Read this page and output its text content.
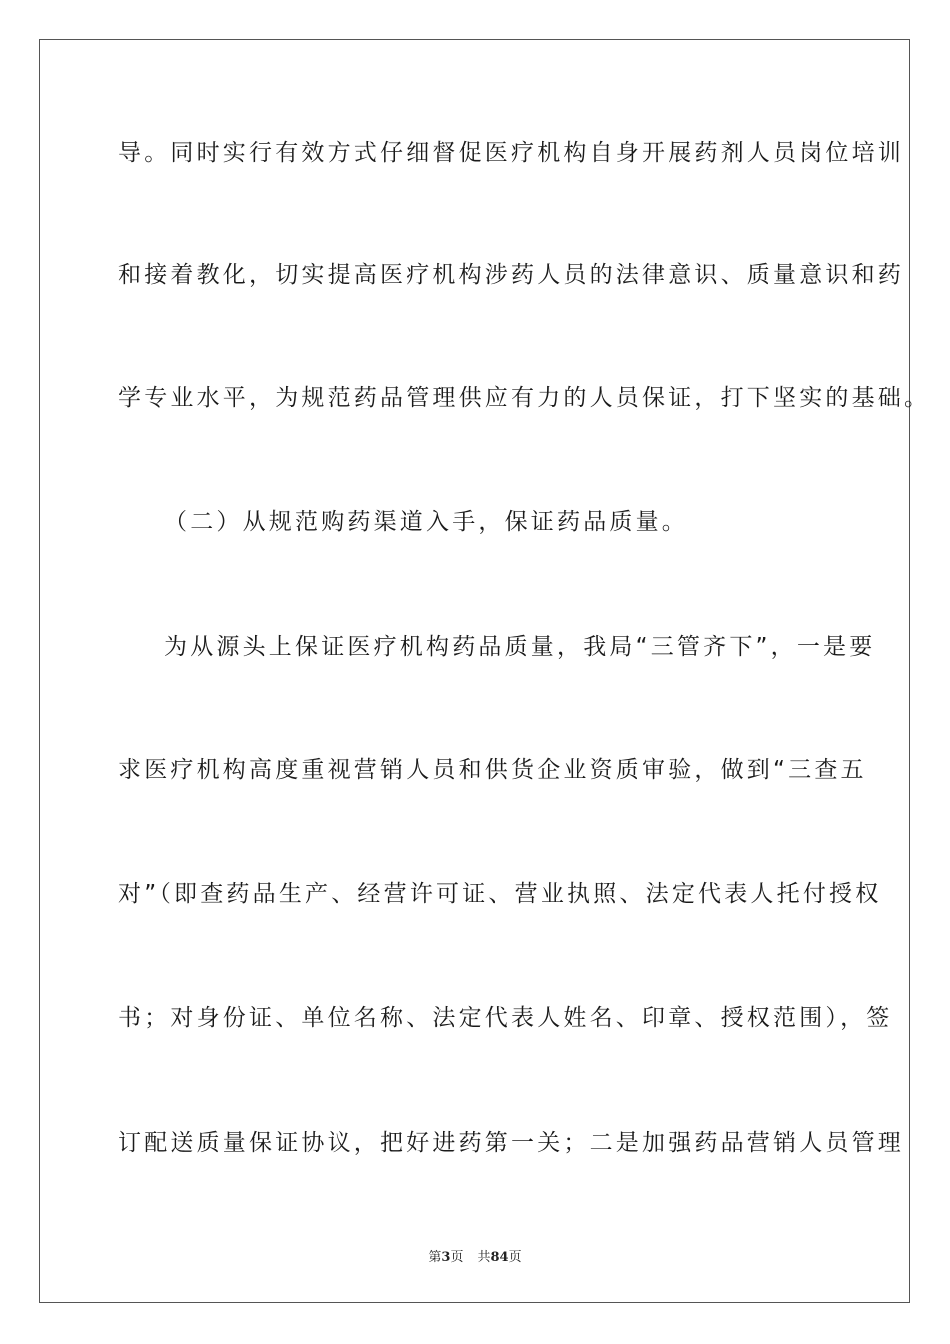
导。同时实行有效方式仔细督促医疗机构自身开展药剂人员岗位培训
和接着教化，切实提高医疗机构涉药人员的法律意识、质量意识和药
学专业水平，为规范药品管理供应有力的人员保证，打下坚实的基础。
（二）从规范购药渠道入手，保证药品质量。
为从源头上保证医疗机构药品质量，我局“三管齐下”，一是要
求医疗机构高度重视营销人员和供货企业资质审验，做到“三查五
对”（即查药品生产、经营许可证、营业执照、法定代表人托付授权
书；对身份证、单位名称、法定代表人姓名、印章、授权范围），签
订配送质量保证协议，把好进药第一关；二是加强药品营销人员管理
第3页 共84页
